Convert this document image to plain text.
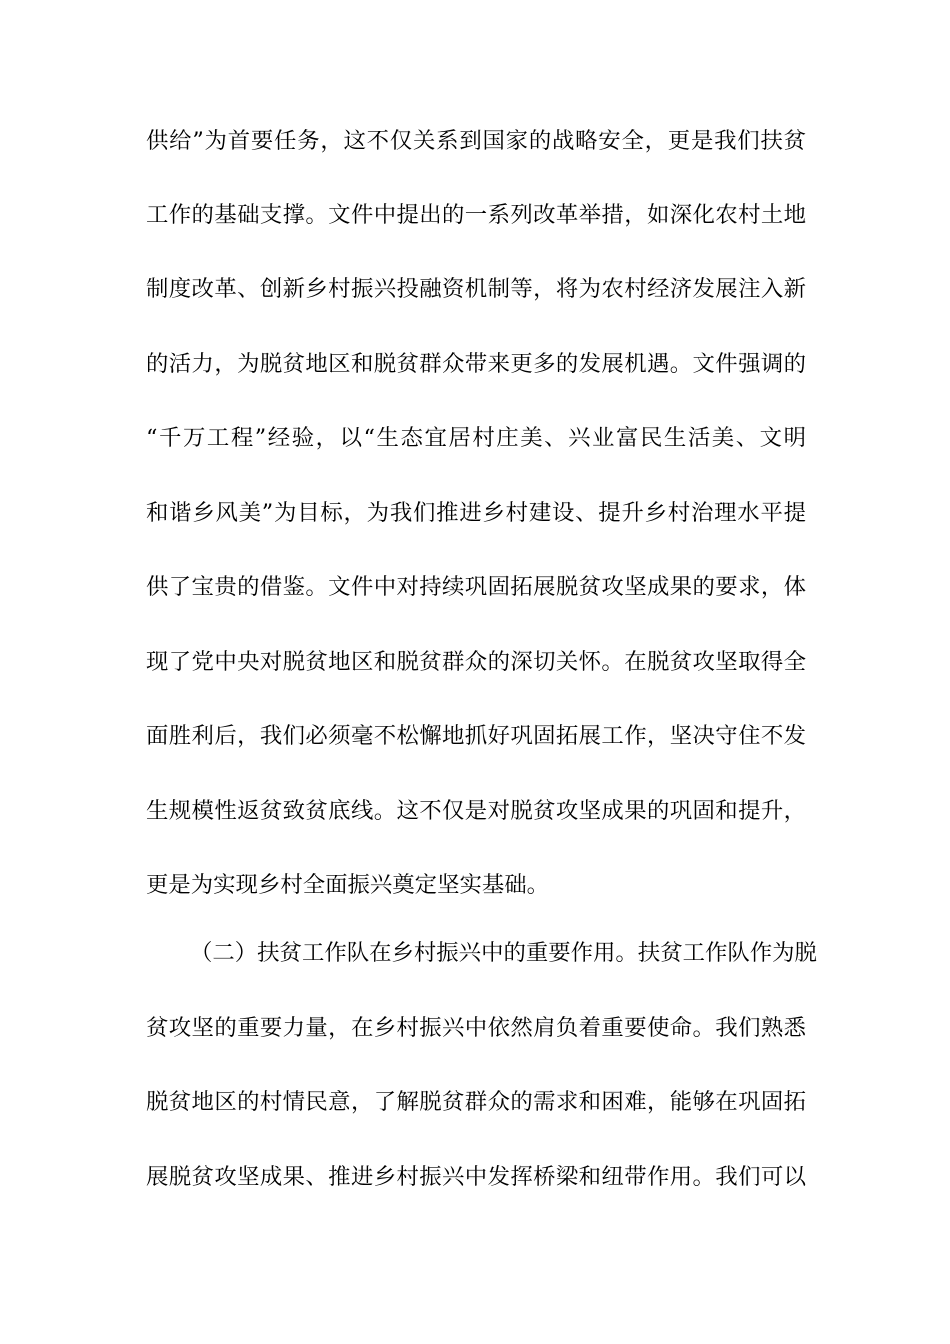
供给”为首要任务，这不仅关系到国家的战略安全，更是我们扶贫
工作的基础支撑。文件中提出的一系列改革举措，如深化农村土地
制度改革、创新乡村振兴投融资机制等，将为农村经济发展注入新
的活力，为脱贫地区和脱贫群众带来更多的发展机遇。文件强调的
“千万工程”经验，以“生态宜居村庄美、兴业富民生活美、文明
和谐乡风美”为目标，为我们推进乡村建设、提升乡村治理水平提
供了宝贵的借鉴。文件中对持续巩固拓展脱贫攻坚成果的要求，体
现了党中央对脱贫地区和脱贫群众的深切关怀。在脱贫攻坚取得全
面胜利后，我们必须毫不松懈地抓好巩固拓展工作，坚决守住不发
生规模性返贫致贫底线。这不仅是对脱贫攻坚成果的巩固和提升，
更是为实现乡村全面振兴奠定坚实基础。
（二）扶贫工作队在乡村振兴中的重要作用。扶贫工作队作为脱
贫攻坚的重要力量，在乡村振兴中依然肩负着重要使命。我们熟悉
脱贫地区的村情民意，了解脱贫群众的需求和困难，能够在巩固拓
展脱贫攻坚成果、推进乡村振兴中发挥桥梁和纽带作用。我们可以
